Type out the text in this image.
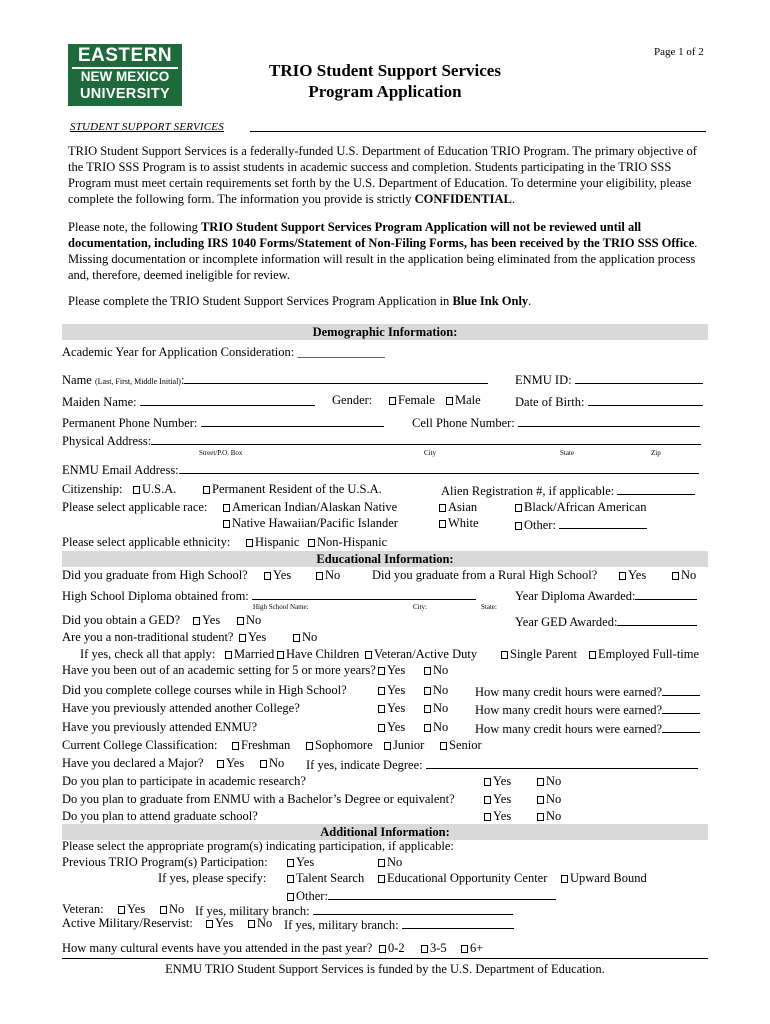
Page 1 of 2
EASTERN
NEW MEXICO
UNIVERSITY
TRIO Student Support Services
Program Application
STUDENT SUPPORT SERVICES
TRIO Student Support Services is a federally-funded U.S. Department of Education TRIO Program. The primary objective of the TRIO SSS Program is to assist students in academic success and completion. Students participating in the TRIO SSS Program must meet certain requirements set forth by the U.S. Department of Education. To determine your eligibility, please complete the following form. The information you provide is strictly CONFIDENTIAL.
Please note, the following TRIO Student Support Services Program Application will not be reviewed until all documentation, including IRS 1040 Forms/Statement of Non-Filing Forms, has been received by the TRIO SSS Office. Missing documentation or incomplete information will result in the application being eliminated from the application process and, therefore, deemed ineligible for review.
Please complete the TRIO Student Support Services Program Application in Blue Ink Only.
Demographic Information:
Academic Year for Application Consideration: ______________
Name (Last, First, Middle Initial):	ENMU ID:
Maiden Name:	Gender:	Female	Male	Date of Birth:
Permanent Phone Number:	Cell Phone Number:
Physical Address:
Street/P.O. Box	City	State	Zip
ENMU Email Address:
Citizenship:	U.S.A.	Permanent Resident of the U.S.A.	Alien Registration #, if applicable:
Please select applicable race:	American Indian/Alaskan Native	Asian	Black/African American
Native Hawaiian/Pacific Islander	White	Other:
Please select applicable ethnicity:	Hispanic	Non-Hispanic
Educational Information:
Did you graduate from High School?	Yes	No	Did you graduate from a Rural High School?	Yes	No
High School Diploma obtained from:	Year Diploma Awarded:
High School Name:	City:	State:
Did you obtain a GED?	Yes	No	Year GED Awarded:
Are you a non-traditional student?	Yes	No
If yes, check all that apply:	Married Have Children	Veteran/Active Duty	Single Parent	Employed Full-time
Have you been out of an academic setting for 5 or more years? Yes	No
Did you complete college courses while in High School?	Yes	No How many credit hours were earned?
Have you previously attended another College?	Yes	No How many credit hours were earned?
Have you previously attended ENMU?	Yes	No How many credit hours were earned?
Current College Classification:	Freshman	Sophomore	Junior	Senior
Have you declared a Major?	Yes	No If yes, indicate Degree:
Do you plan to participate in academic research?	Yes	No
Do you plan to graduate from ENMU with a Bachelor’s Degree or equivalent?	Yes	No
Do you plan to attend graduate school?	Yes	No
Additional Information:
Please select the appropriate program(s) indicating participation, if applicable:
Previous TRIO Program(s) Participation:	Yes	No
If yes, please specify:	Talent Search	Educational Opportunity Center	Upward Bound
Other:
Veteran:	Yes	No If yes, military branch:
Active Military/Reservist:	Yes	No If yes, military branch:
How many cultural events have you attended in the past year?	0-2	3-5	6+
ENMU TRIO Student Support Services is funded by the U.S. Department of Education.
